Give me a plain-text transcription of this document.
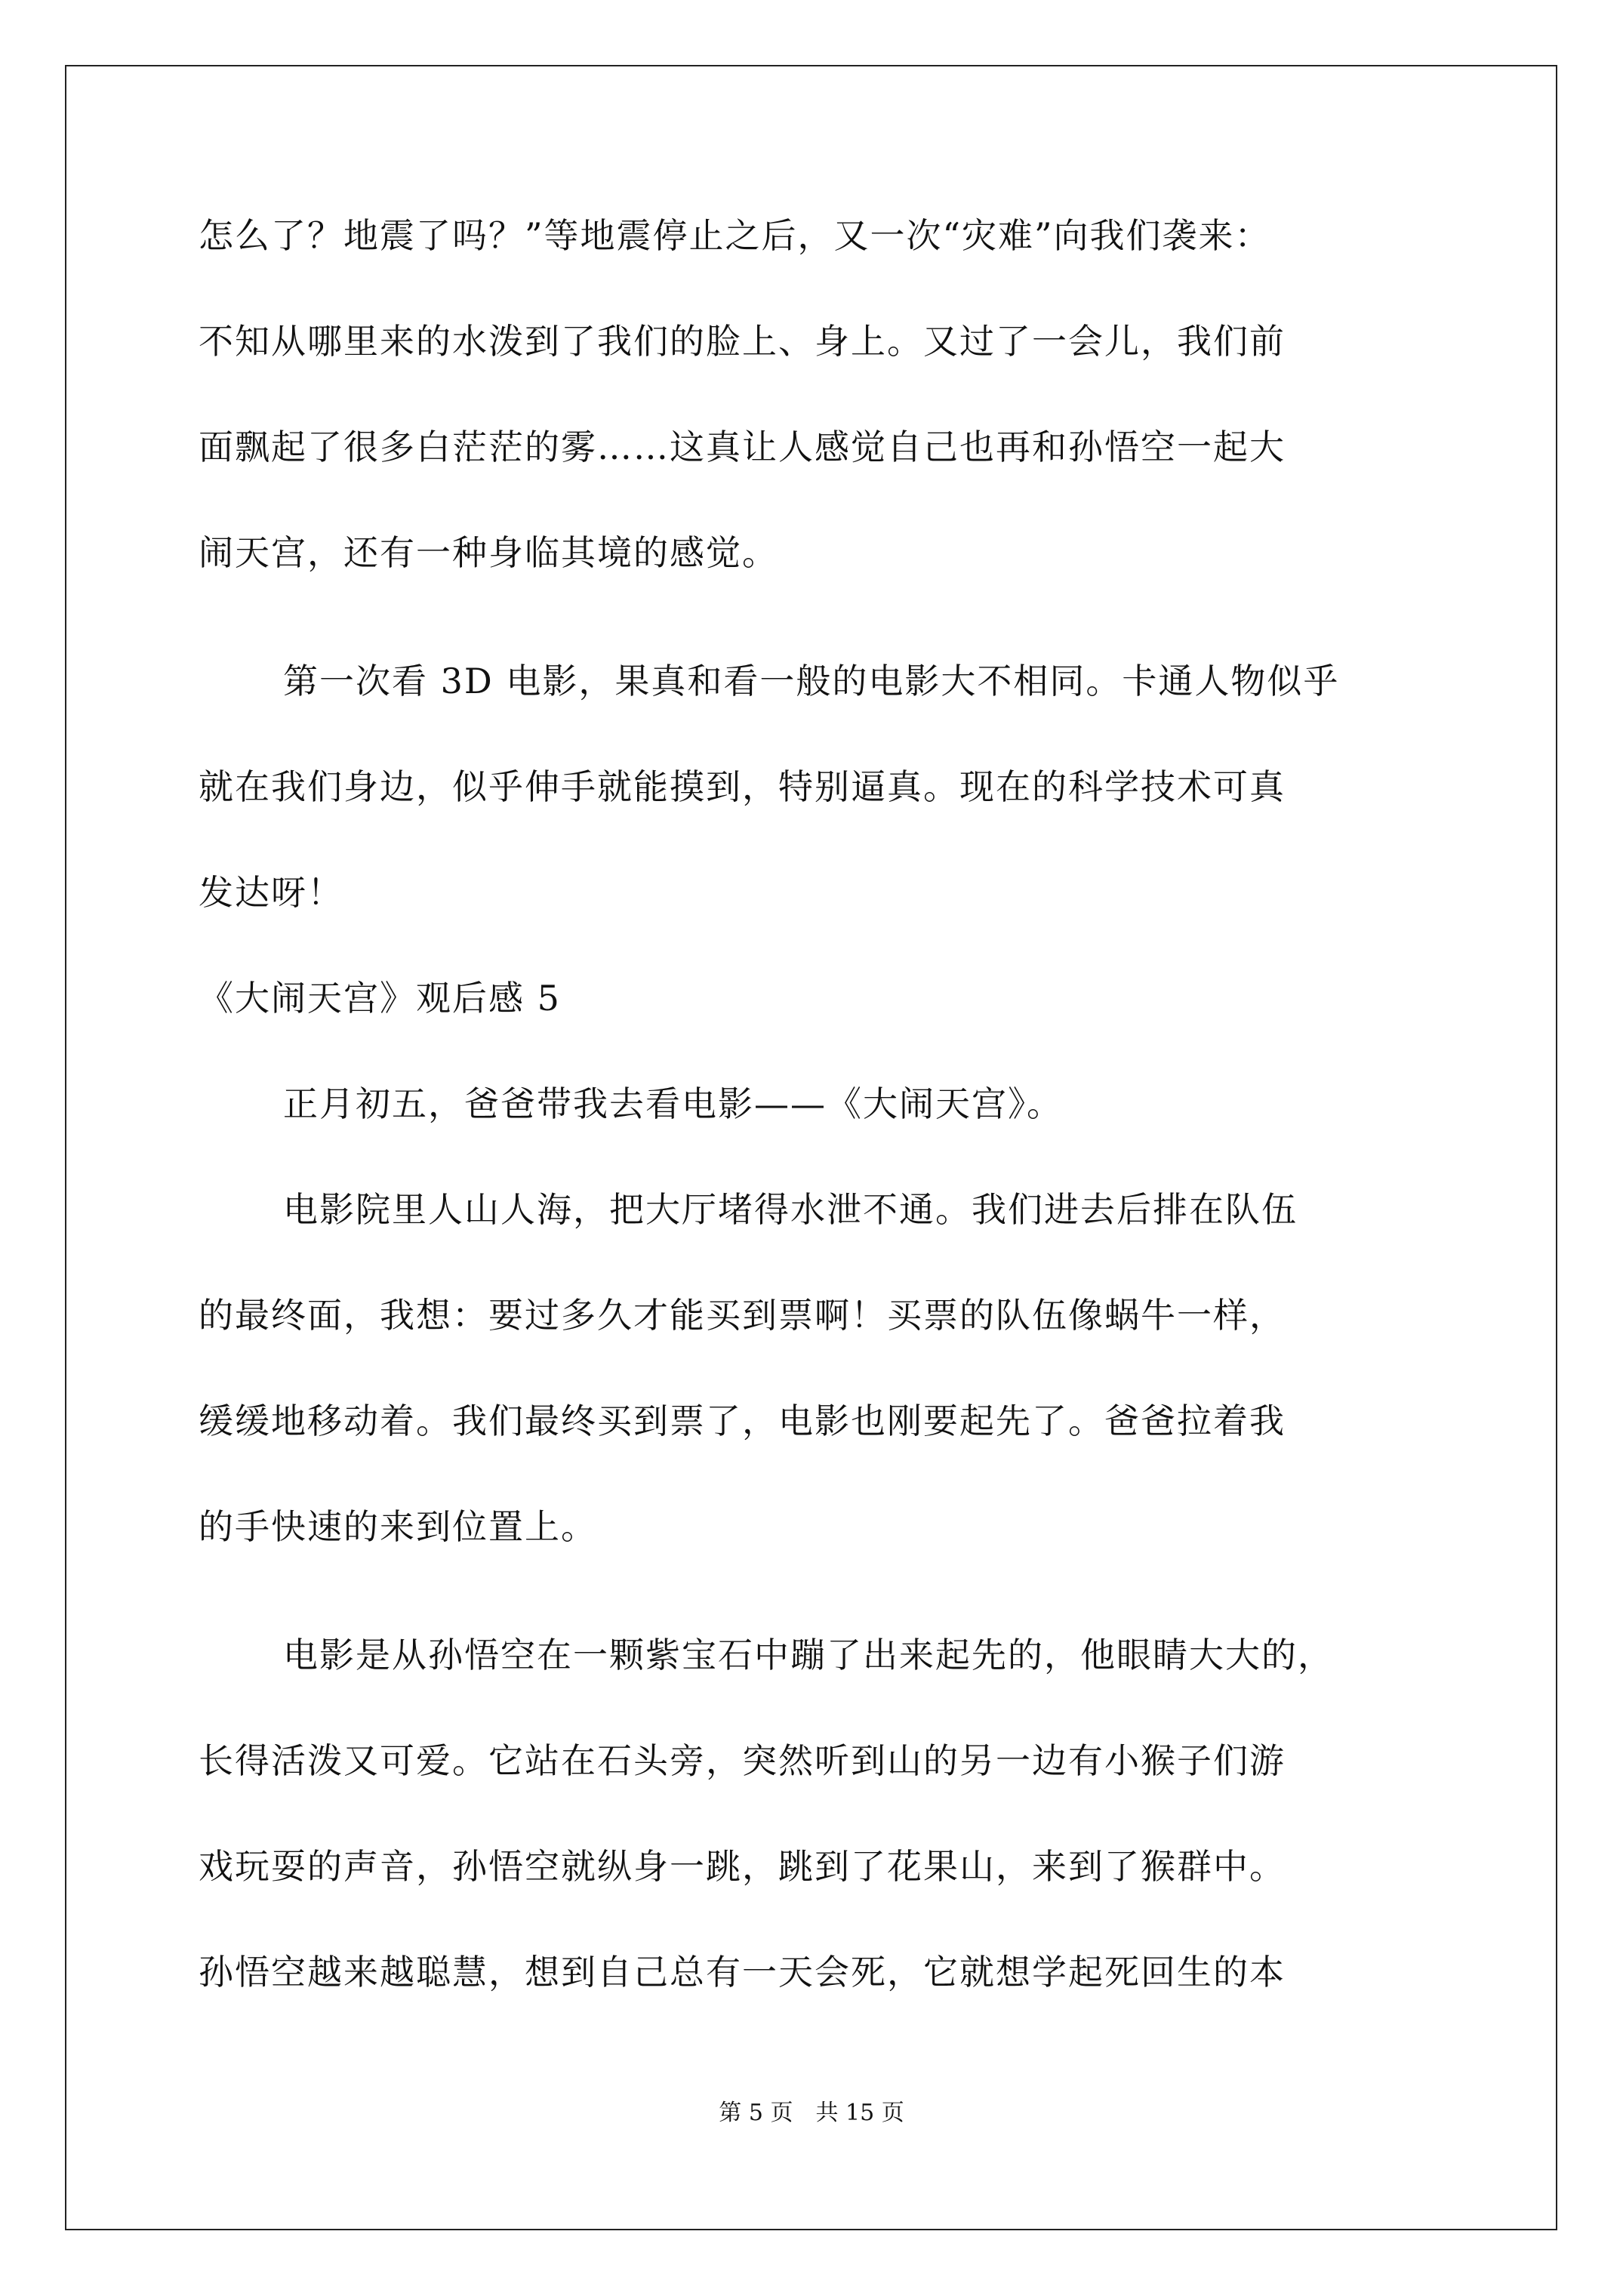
怎么了？地震了吗？”等地震停止之后，又一次“灾难”向我们袭来：
不知从哪里来的水泼到了我们的脸上、身上。又过了一会儿，我们前
面飘起了很多白茫茫的雾……这真让人感觉自己也再和孙悟空一起大
闹天宫，还有一种身临其境的感觉。
第一次看 3D 电影，果真和看一般的电影大不相同。卡通人物似乎
就在我们身边，似乎伸手就能摸到，特别逼真。现在的科学技术可真
发达呀！
《大闹天宫》观后感 5
正月初五，爸爸带我去看电影——《大闹天宫》。
电影院里人山人海，把大厅堵得水泄不通。我们进去后排在队伍
的最终面，我想：要过多久才能买到票啊！买票的队伍像蜗牛一样，
缓缓地移动着。我们最终买到票了，电影也刚要起先了。爸爸拉着我
的手快速的来到位置上。
电影是从孙悟空在一颗紫宝石中蹦了出来起先的，他眼睛大大的，
长得活泼又可爱。它站在石头旁，突然听到山的另一边有小猴子们游
戏玩耍的声音，孙悟空就纵身一跳，跳到了花果山，来到了猴群中。
孙悟空越来越聪慧，想到自己总有一天会死，它就想学起死回生的本
第 5 页　共 15 页
